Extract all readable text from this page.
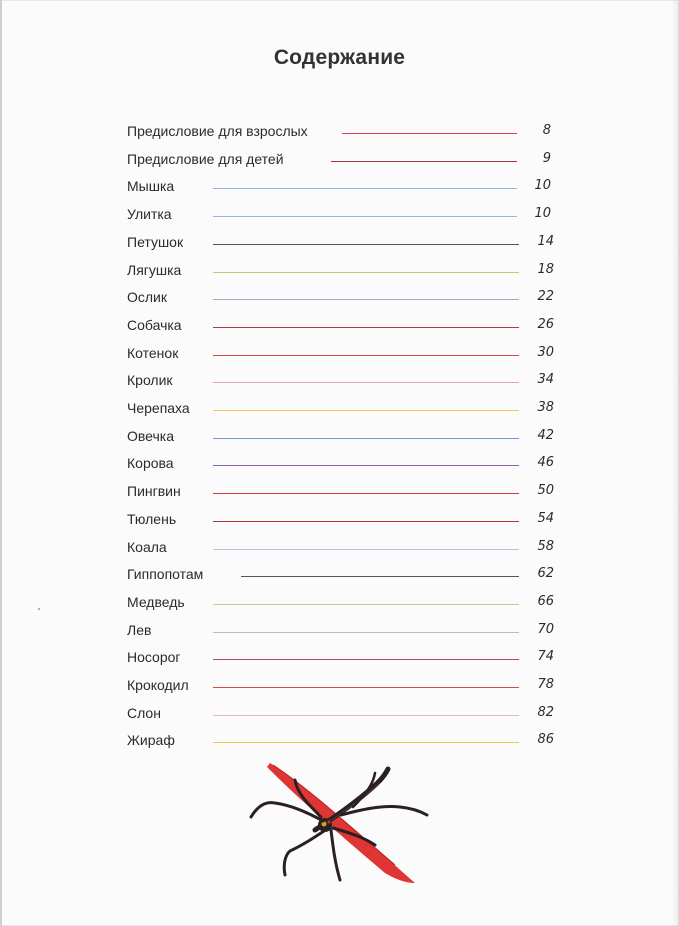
Содержание
Предисловие для взрослых	8
Предисловие для детей	9
Мышка	10
Улитка	10
Петушок	14
Лягушка	18
Ослик	22
Собачка	26
Котенок	30
Кролик	34
Черепаха	38
Овечка	42
Корова	46
Пингвин	50
Тюлень	54
Коала	58
Гиппопотам	62
Медведь	66
Лев	70
Носорог	74
Крокодил	78
Слон	82
Жираф	86
